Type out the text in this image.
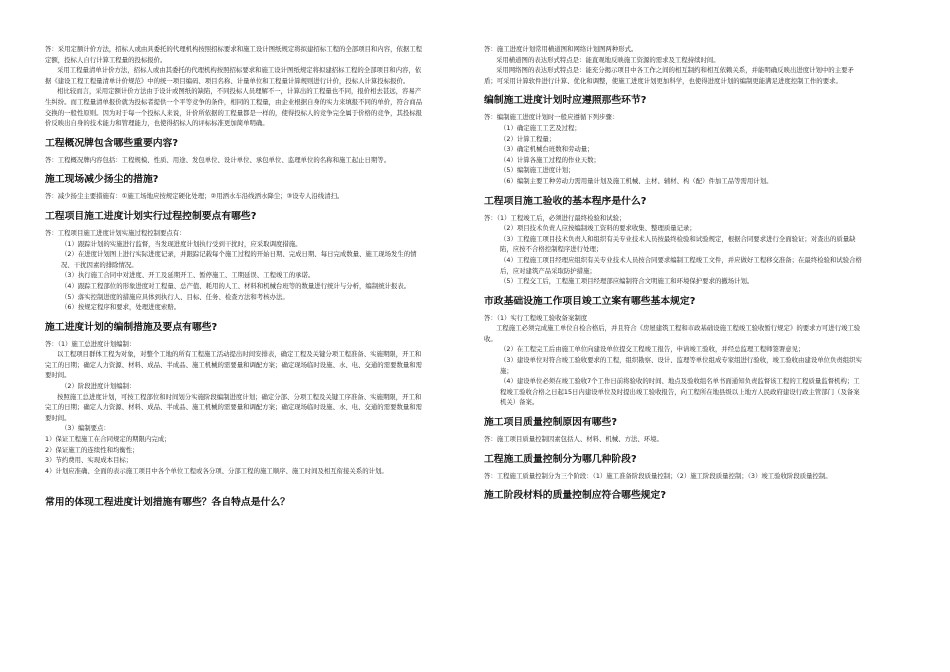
答：采用定额计价方法，招标人或由具委托的代理机构按照招标要求和施工设计图纸规定将拟建招标工程的全部项目和内容，依据工程定额，投标人自行计算工程量的投标报价。

采用工程量清单计价方法，招标人或由其委托的代理机构按照招标要求和施工设计图纸规定将拟建招标工程的全部项目和内容，依据《建设工程工程量清单计价规范》中的统一项目编码、项目名称、计量单位和工程量计算规则进行计价，投标人计算投标报价。

相比较而言，采用定额计价方法由于设计或图纸的缺陷，不同投标人员理解不一，计算出的工程量也不同，报价相去甚远，容易产生纠纷。而工程量清单报价就为投标者提供一个平等竞争的条件，相同的工程量，由企业根据自身的实力来填报不同的单价，符合商品交换的一般性原则。因为对于每一个投标人来说，计价所依据的工程量都是一样的，使得投标人的竞争完全属于价格的竞争，其投标报价反映出自身的技术能力和管理能力，也使得招标人的评标标准更加简单明确。

工程概况牌包含哪些重要内容?

答：工程概况牌内容包括：工程规模、性质、用途、发包单位、设计单位、承包单位、监理单位的名称和施工起止日期等。

施工现场减少扬尘的措施?

答：减少扬尘主要措施有：①施工场地应按规定硬化处理；②用洒水车沿线洒水降尘；③设专人沿线清扫。

工程项目施工进度计划实行过程控制要点有哪些?

答：工程项目施工进度计划实施过程控制要点有：

（1）跟踪计划的实施进行监督，当发现进度计划执行受到干扰时，应采取调度措施。

（2）在进度计划图上进行实际进度记录，并跟踪记载每个施工过程的开始日期、完成日期、每日完成数量、施工现场发生的情况、干扰因素的排除情况。

（3）执行施工合同中对进度、开工及延期开工、暂停施工、工期延误、工程竣工的承诺。

（4）跟踪工程部位的形象进度对工程量、总产值、耗用的人工、材料和机械台班等的数量进行统计与分析，编制统计报表。

（5）落实控制进度的措施应具体到执行人、目标、任务、检查方法和考核办法。

（6）按规定程序和要求，处理进度索赔。

施工进度计划的编制措施及要点有哪些?

答：（1）施工总进度计划编制：

以工程项目群体工程为对象，对整个工地的所有工程施工活动提出时间安排表，确定工程及关键分项工程准备、实施期限，开工和完工的日期；确定人力资源、材料、成品、半成品、施工机械的需要量和调配方案；确定现场临时设施、水、电、交通的需要数量和需要时间。

（2）阶段进度计划编制：

按照施工总进度计划，可按工程部位和时间划分实施阶段编制进度计划；确定分部、分项工程及关键工序准备、实施期限，开工和完工的日期；确定人力资源、材料、成品、半成品、施工机械的需要量和调配方案；确定现场临时设施、水、电、交通的需要数量和需要时间。

（3）编制要点：

1）保证工程施工在合同规定的期限内完成；

2）保证施工的连续性和均衡性；

3）节约费用、实现成本目标；

4）计划应准确、全面的表示施工项目中各个单位工程或各分项、分部工程的施工顺序、施工时间及相互衔接关系的计划。

常用的体现工程进度计划措施有哪些？各自特点是什么？

答：施工进度计划常用横道图和网络计划图两种形式。

采用横道图的表达形式特点是：能直观地反映施工资源的需求及工程持续时间。

采用网络图的表达形式特点是：能充分揭示项目中各工作之间的相互制约和相互依赖关系，并能明确反映出进度计划中的主要矛盾；可采用计算软件进行计算、优化和调整，使施工进度计划更加科学，也使得进度计划的编制更能满足进度控制工作的要求。

编制施工进度计划时应遵照那些环节?

答：编制施工进度计划时一般应遵循下列步骤：

（1）确定施工工艺及过程；

（2）计算工程量；

（3）确定机械台班数和劳动量；

（4）计算各施工过程的作业天数；

（5）编制施工进度计划；

（6）编制主要工种劳动力需用量计划及施工机械、主材、辅材、构（配）件加工品等需用计划。

工程项目施工验收的基本程序是什么?

答：（1）工程竣工后，必须进行最终检验和试验；

（2）项目技术负责人应按编制竣工资料的要求收集、整理质量记录；

（3）工程施工项目技术负责人和组织有关专业技术人员按最终检验和试验规定，根据合同要求进行全面验证；对查出的质量缺陷，应按不合格控制程序进行处理；

（4）工程施工项目经理应组织有关专业技术人员按合同要求编制工程竣工文件，并应做好工程移交准备；在最终检验和试验合格后，应对建筑产品采取防护措施；

（5）工程交工后，工程施工项目经理部应编制符合文明施工和环境保护要求的撤场计划。

市政基础设施工作项目竣工立案有哪些基本规定?

答：（1）实行工程竣工验收备案制度

工程施工必须完成施工单位自检合格后，并且符合《房屋建筑工程和市政基础设施工程竣工验收暂行规定》的要求方可进行竣工验收。

（2）在工程完工后由施工单位向建设单位提交工程竣工报告，申请竣工验收，并经总监理工程师签署意见；

（3）建设单位对符合竣工验收要求的工程，组织勘察、设计、监理等单位组成专家组进行验收，竣工验收由建设单位负责组织实施；

（4）建设单位必须在竣工验收7个工作日前将验收的时间、地点及验收组名单书面通知负责监督该工程的工程质量监督机构；工程竣工验收合格之日起15日内建设单位及时提出竣工验收报告，向工程所在地县级以上地方人民政府建设行政主管部门（及备案机关）备案。

施工项目质量控制原因有哪些?

答：施工项目质量控制因素包括人、材料、机械、方法、环境。

工程施工质量控制分为哪几种阶段?

答：工程施工质量控制分为三个阶段：（1）施工准备阶段质量控制；（2）施工阶段质量控制；（3）竣工验收阶段质量控制。

施工阶段材料的质量控制应符合哪些规定?
